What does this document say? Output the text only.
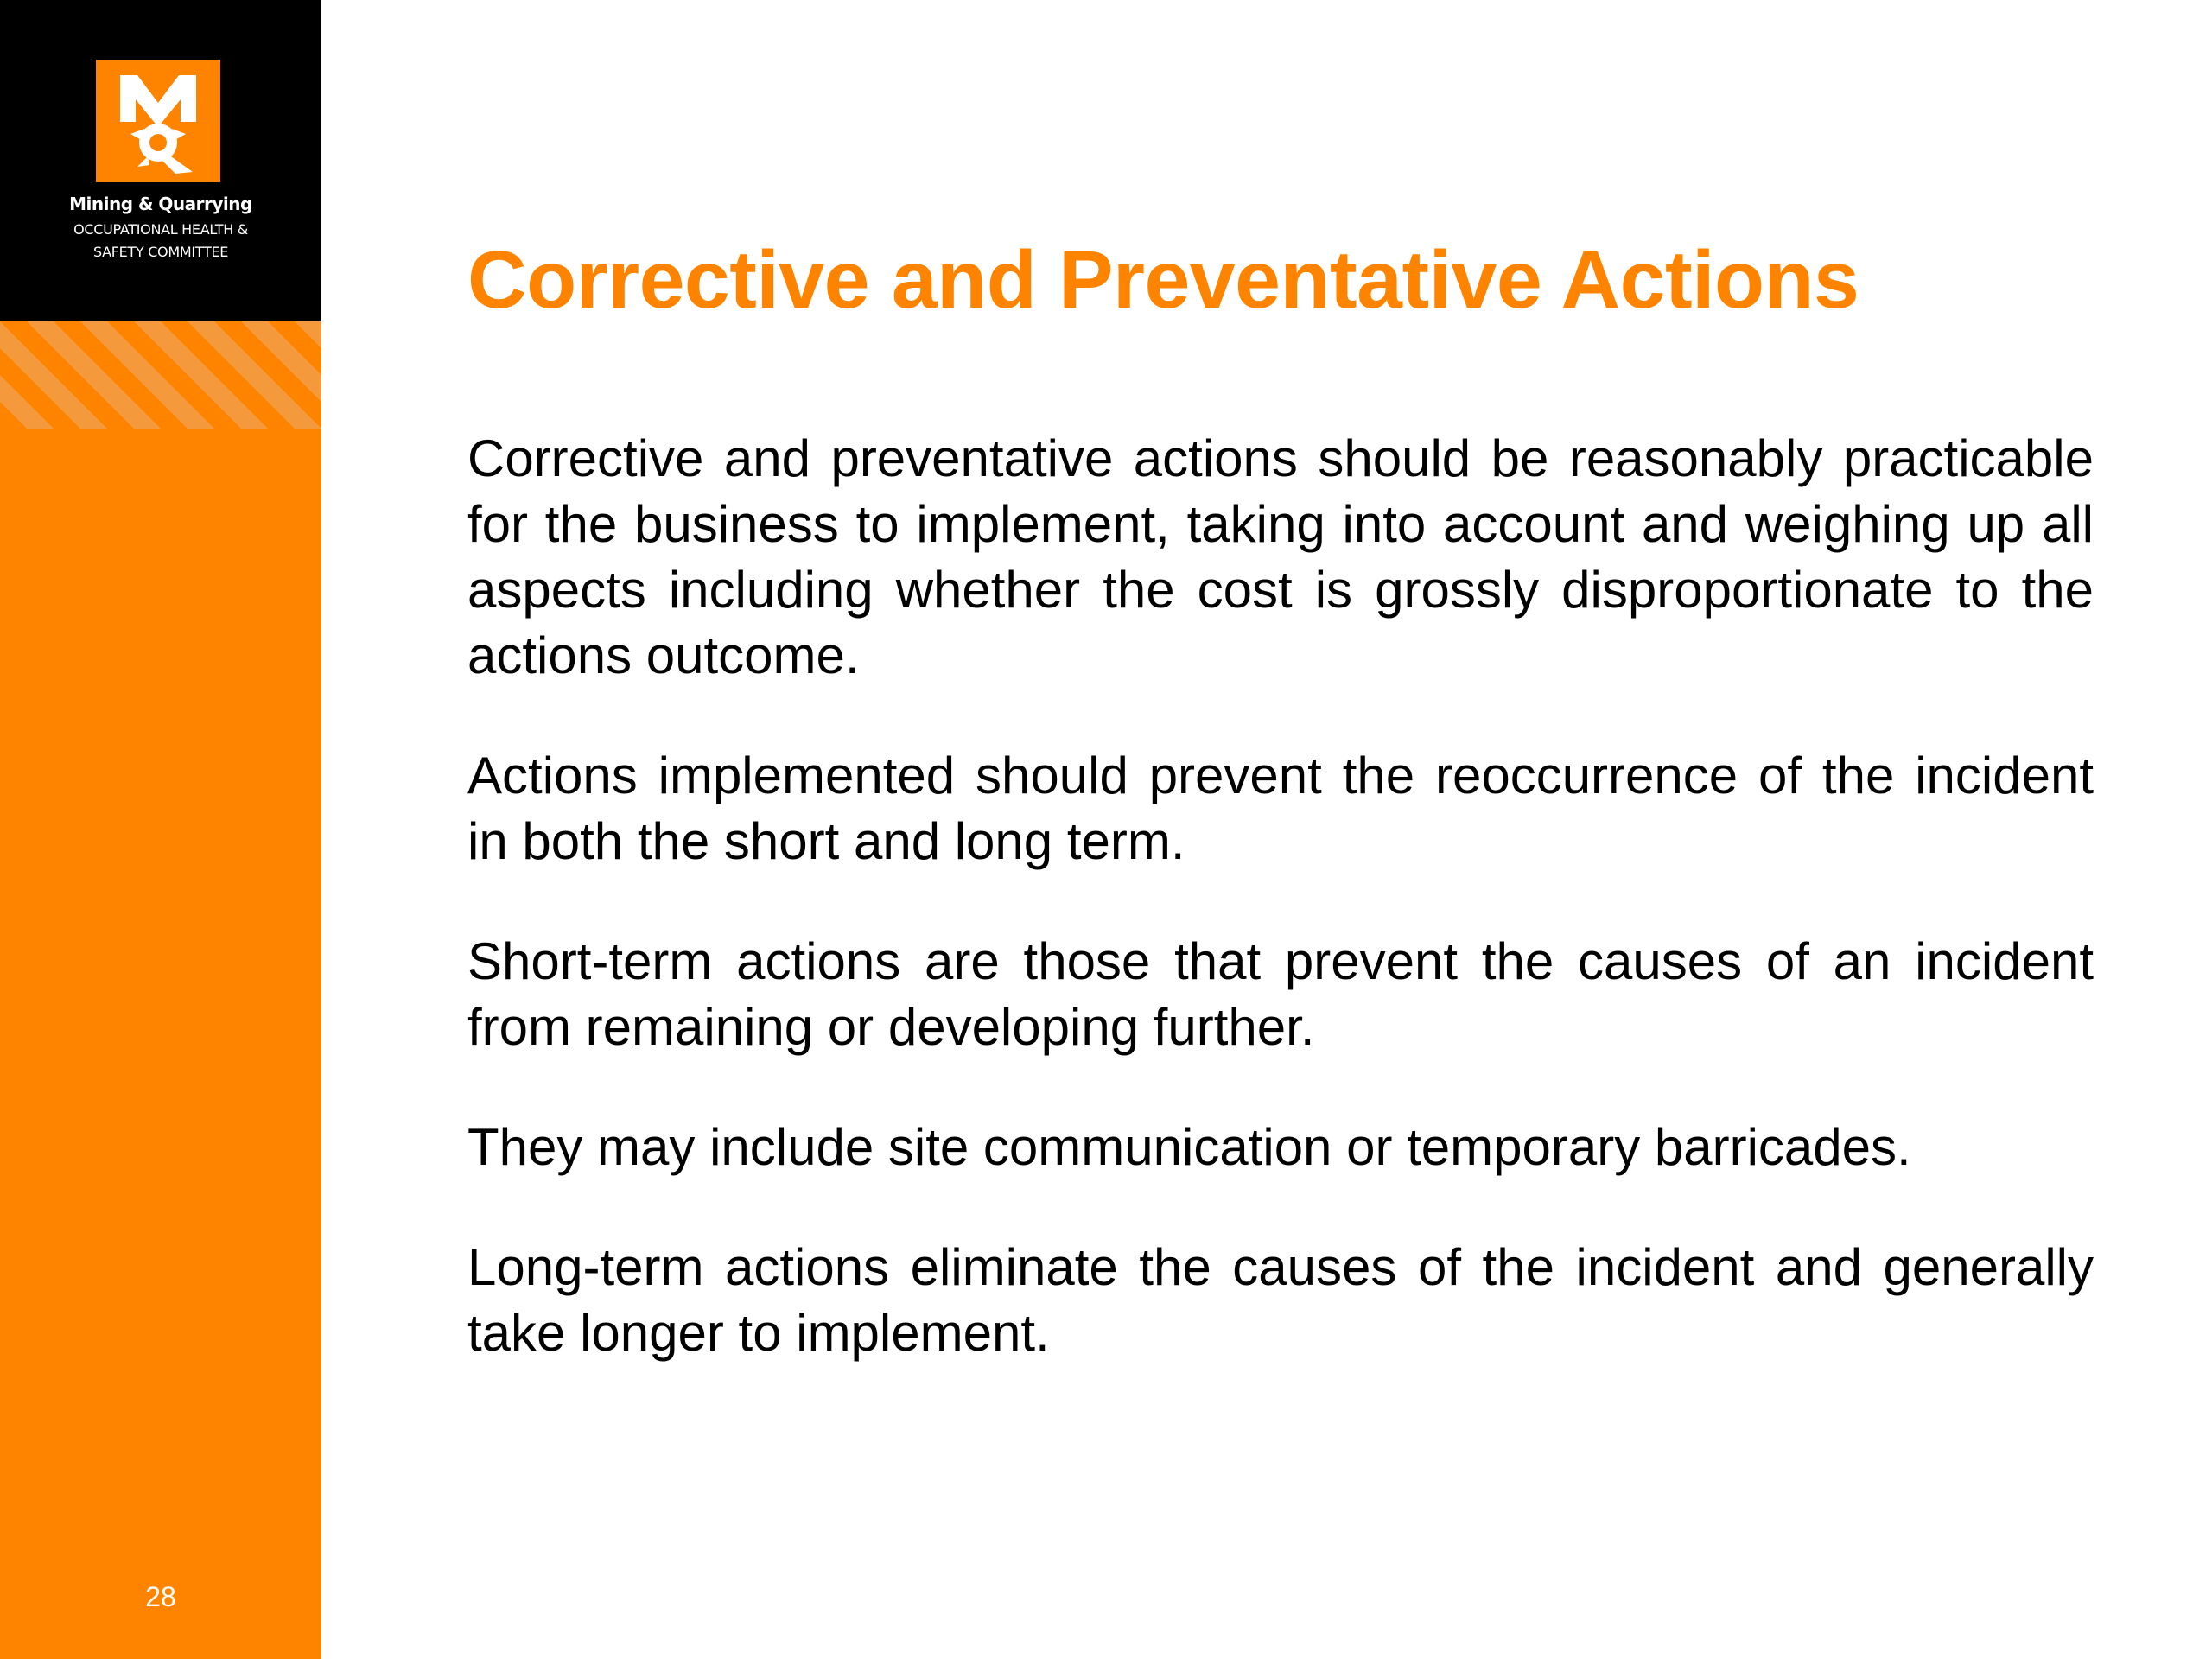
Mining & Quarrying
OCCUPATIONAL HEALTH &
SAFETY COMMITTEE
28
Corrective and Preventative Actions

Corrective and preventative actions should be reasonably practicable for the business to implement, taking into account and weighing up all aspects including whether the cost is grossly disproportionate to the actions outcome.

Actions implemented should prevent the reoccurrence of the incident in both the short and long term.

Short-term actions are those that prevent the causes of an incident from remaining or developing further.

They may include site communication or temporary barricades.

Long-term actions eliminate the causes of the incident and generally take longer to implement.
